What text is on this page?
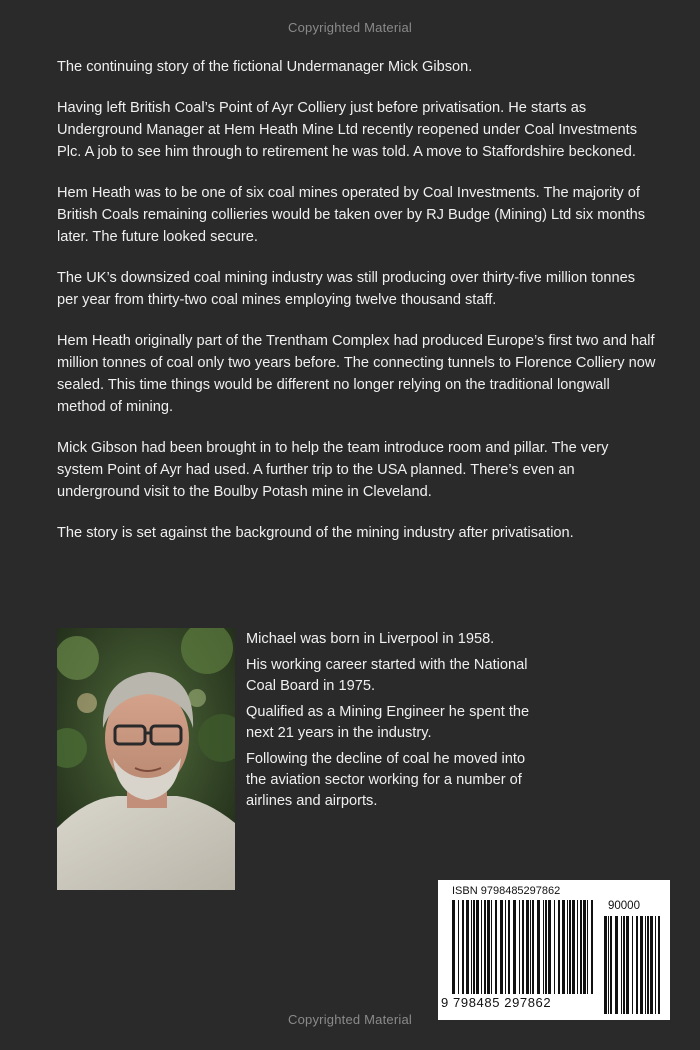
Copyrighted Material

The continuing story of the fictional Undermanager Mick Gibson.

Having left British Coal’s Point of Ayr Colliery just before privatisation. He starts as Underground Manager at Hem Heath Mine Ltd recently reopened under Coal Investments Plc. A job to see him through to retirement he was told. A move to Staffordshire beckoned.

Hem Heath was to be one of six coal mines operated by Coal Investments. The majority of British Coals remaining collieries would be taken over by RJ Budge (Mining) Ltd six months later. The future looked secure.

The UK’s downsized coal mining industry was still producing over thirty-five million tonnes per year from thirty-two coal mines employing twelve thousand staff.

Hem Heath originally part of the Trentham Complex had produced Europe’s first two and half million tonnes of coal only two years before. The connecting tunnels to Florence Colliery now sealed. This time things would be different no longer relying on the traditional longwall method of mining.

Mick Gibson had been brought in to help the team introduce room and pillar. The very system Point of Ayr had used. A further trip to the USA planned. There’s even an underground visit to the Boulby Potash mine in Cleveland.

The story is set against the background of the mining industry after privatisation.

Michael was born in Liverpool in 1958.

His working career started with the National Coal Board in 1975.

Qualified as a Mining Engineer he spent the next 21 years in the industry.

Following the decline of coal he moved into the aviation sector working for a number of airlines and airports.

ISBN 9798485297862
90000
9 798485 297862
Copyrighted Material
